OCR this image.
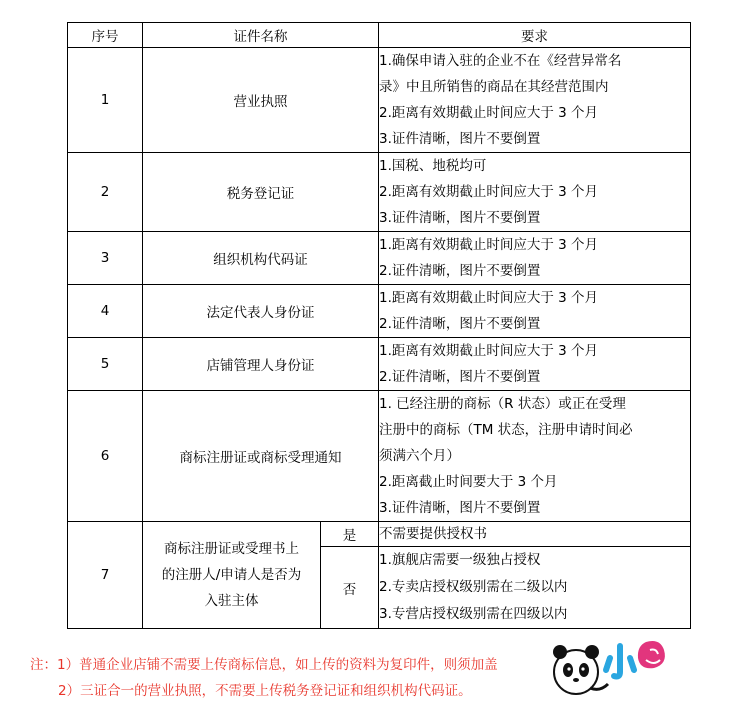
序号	证件名称		要求
1	营业执照		1.确保申请入驻的企业不在《经营异常名
录》中且所销售的商品在其经营范围内
2.距离有效期截止时间应大于 3 个月
3.证件清晰，图片不要倒置

2	税务登记证		1.国税、地税均可
2.距离有效期截止时间应大于 3 个月
3.证件清晰，图片不要倒置

3	组织机构代码证		1.距离有效期截止时间应大于 3 个月
2.证件清晰，图片不要倒置

4	法定代表人身份证		1.距离有效期截止时间应大于 3 个月
2.证件清晰，图片不要倒置

5	店铺管理人身份证		1.距离有效期截止时间应大于 3 个月
2.证件清晰，图片不要倒置

6	商标注册证或商标受理通知		1. 已经注册的商标（R 状态）或正在受理
注册中的商标（TM 状态，注册申请时间必
须满六个月）
2.距离截止时间要大于 3 个月
3.证件清晰，图片不要倒置

7	商标注册证或受理书上
的注册人/申请人是否为
入驻主体	是	不需要提供授权书

		否	1.旗舰店需要一级独占授权
2.专卖店授权级别需在二级以内
3.专营店授权级别需在四级以内
注：1）普通企业店铺不需要上传商标信息，如上传的资料为复印件，则须加盖
2）三证合一的营业执照，不需要上传税务登记证和组织机构代码证。
